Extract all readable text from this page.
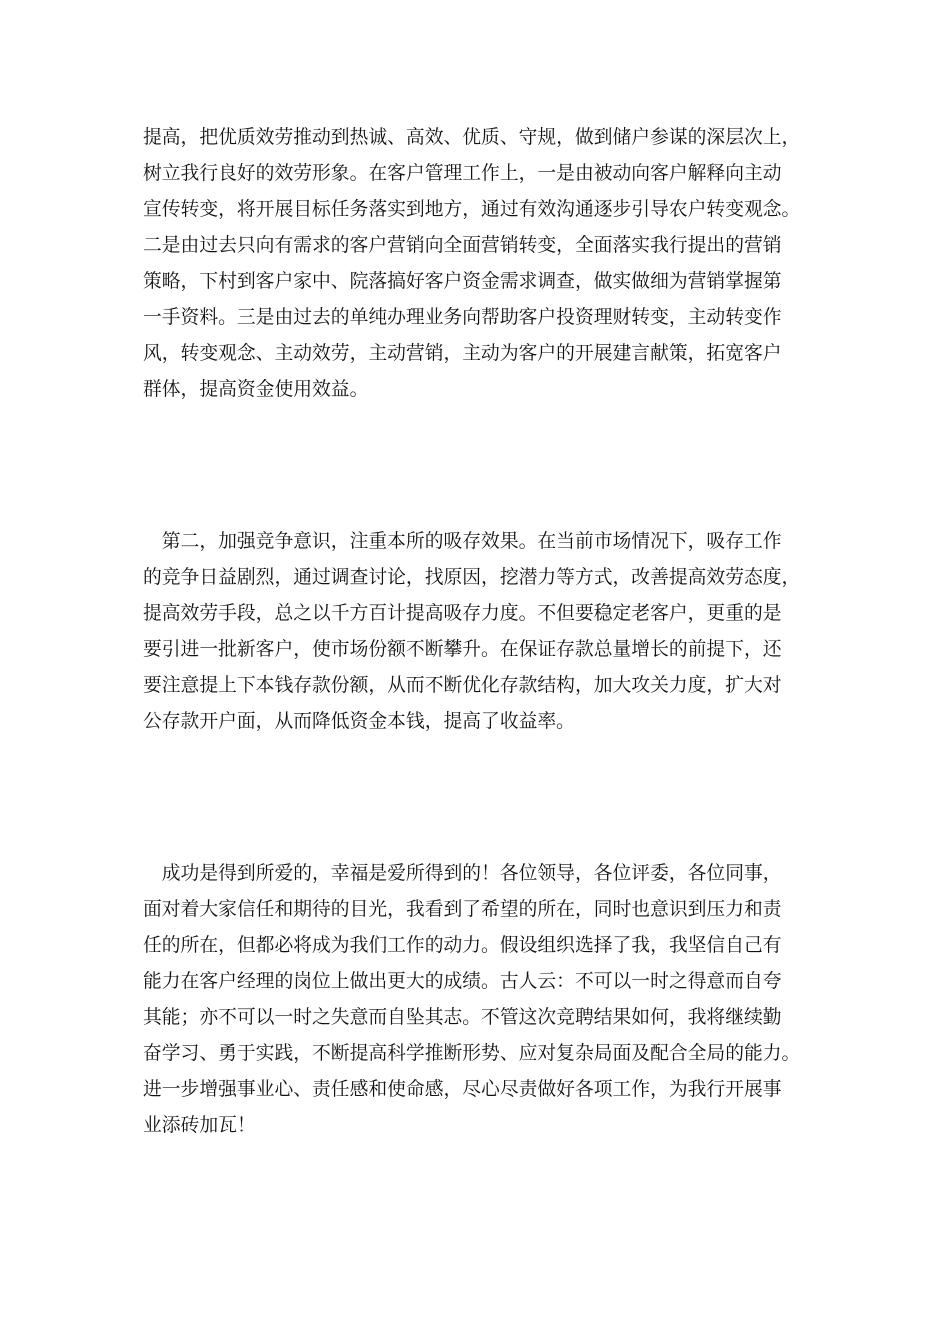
提高，把优质效劳推动到热诚、高效、优质、守规，做到储户参谋的深层次上，
树立我行良好的效劳形象。在客户管理工作上，一是由被动向客户解释向主动
宣传转变，将开展目标任务落实到地方，通过有效沟通逐步引导农户转变观念。
二是由过去只向有需求的客户营销向全面营销转变，全面落实我行提出的营销
策略，下村到客户家中、院落搞好客户资金需求调查，做实做细为营销掌握第
一手资料。三是由过去的单纯办理业务向帮助客户投资理财转变，主动转变作
风，转变观念、主动效劳，主动营销，主动为客户的开展建言献策，拓宽客户
群体，提高资金使用效益。
　第二，加强竞争意识，注重本所的吸存效果。在当前市场情况下，吸存工作
的竞争日益剧烈，通过调查讨论，找原因，挖潜力等方式，改善提高效劳态度，
提高效劳手段，总之以千方百计提高吸存力度。不但要稳定老客户，更重的是
要引进一批新客户，使市场份额不断攀升。在保证存款总量增长的前提下，还
要注意提上下本钱存款份额，从而不断优化存款结构，加大攻关力度，扩大对
公存款开户面，从而降低资金本钱，提高了收益率。
　成功是得到所爱的，幸福是爱所得到的！各位领导，各位评委，各位同事，
面对着大家信任和期待的目光，我看到了希望的所在，同时也意识到压力和责
任的所在，但都必将成为我们工作的动力。假设组织选择了我，我坚信自己有
能力在客户经理的岗位上做出更大的成绩。古人云：不可以一时之得意而自夸
其能；亦不可以一时之失意而自坠其志。不管这次竞聘结果如何，我将继续勤
奋学习、勇于实践，不断提高科学推断形势、应对复杂局面及配合全局的能力。
进一步增强事业心、责任感和使命感，尽心尽责做好各项工作，为我行开展事
业添砖加瓦！
